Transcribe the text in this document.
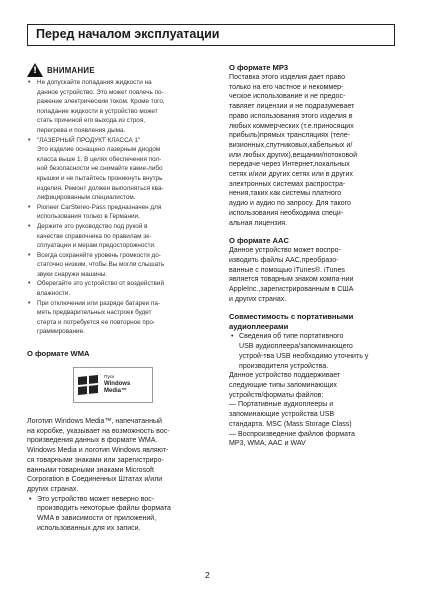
Перед началом эксплуатации
! ВНИМАНИЕ
• Не допускайте попадания жидкости на
данное устройство. Это может повлечь по-
ражение электрическим током. Кроме того,
попадание жидкости в устройство может
стать причиной его выхода из строя,
перегрева и появления дыма.
• "ЛАЗЕРНЫЙ ПРОДУКТ КЛАССА 1"
Это изделие оснащено лазерным диодом
класса выше 1. В целях обеспечения пол-
ной безопасности не снимайте какие-либо
крышки и не пытайтесь проникнуть внутрь
изделия. Ремонт должен выполняться ква-
лифицированным специалистом.
• Pioneer CarStereo-Pass предназначен для
использования только в Германии.
• Держите это руководство под рукой в
качестве справочника по правилам эк-
сплуатации и мерам предосторожности.
• Всегда сохраняйте уровень громкости до-
статочно низким, чтобы Вы могли слышать
звуки снаружи машины.
• Оберегайте это устройство от воздействий
влажности.
• При отключении или разряде батареи па-
мять предварительных настроек будет
стерта и потребуется ее повторное про-
граммирование.
О формате WMA
Пуск
Windows
Media™
Логотип Windows Media™, напечатанный
на коробке, указывает на возможность вос-
произведения данных в формате WMA.
Windows Media и логотип Windows являют-
ся товарными знаками или зарегистриро-
ванными товарными знаками Microsoft
Corporation в Соединенных Штатах и/или
других странах.
• Это устройство может неверно вос-
производить некоторые файлы формата
WMA в зависимости от приложений,
использованных для их записи.
О формате MP3
Поставка этого изделия дает право
только на его частное и некоммер-
ческое использование и не предос-
тавляет лицензии и не подразумевает
право использования этого изделия в
любых коммерческих (т.е.приносящих
прибыль)прямых трансляциях (теле-
визионных,спутниковых,кабельных и/
или любых других),вещании/потоковой
передаче через Интернет,локальных
сетях и/или других сетях или в других
электронных системах распростра-
нения,таких как системы платного
аудио и аудио по запросу. Для такого
использования необходима специ-
альная лицензия.
О формате AAC
Данное устройство может воспро-
изводить файлы AAC,преобразо-
ванные с помощью iTunes®. iTunes
является товарным знаком компа-нии
AppleInc.,зарегистрированным в США
и других странах.
Совместимость с портативными
аудиоплеерами
• Сведения об типе портативного
USB аудиоплеера/запоминающего
устрой-тва USB необходимо уточнить у
производителя устройства.
Данное устройство поддерживает
следующие типы запоминающих
устройств/форматы файлов:
— Портативные аудиоплееры и
запоминающие устройства USB
стандарта. MSC (Mass Storage Class)
— Воспроизведение файлов формата
MP3, WMA, AAC и WAV
2
